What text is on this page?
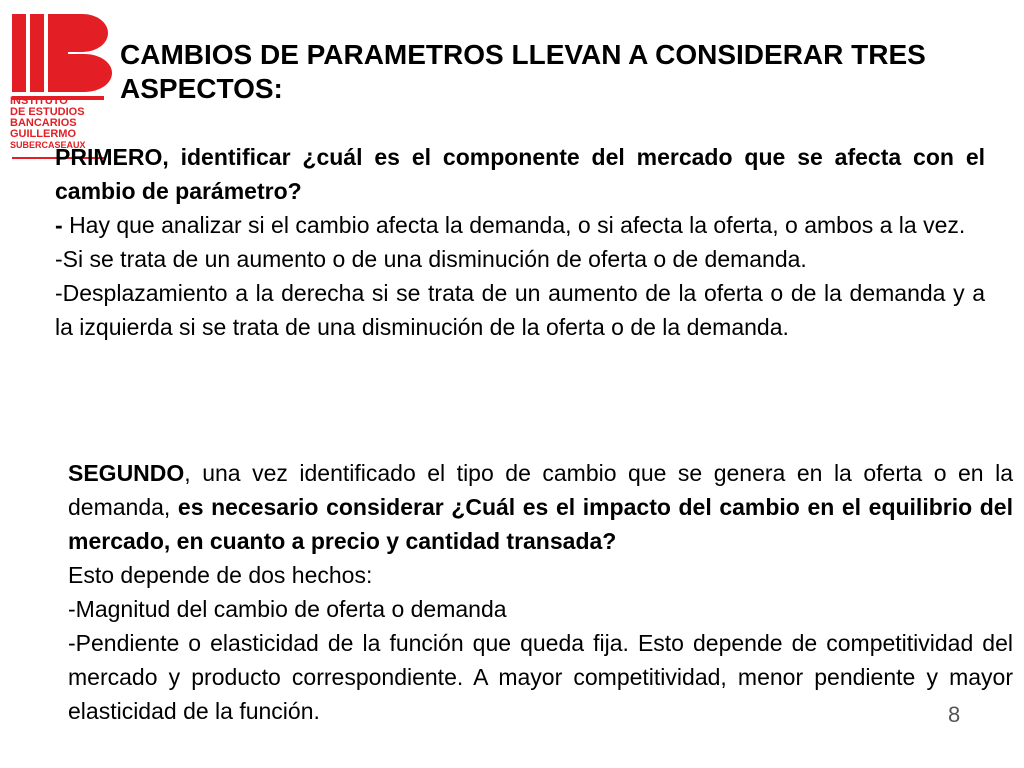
INSTITUTO
DE ESTUDIOS
BANCARIOS
GUILLERMO
SUBERCASEAUX
CAMBIOS DE PARAMETROS LLEVAN A CONSIDERAR TRES ASPECTOS:

PRIMERO, identificar ¿cuál es el componente del mercado que se afecta con el cambio de parámetro?

- Hay que analizar si el cambio afecta la demanda, o si afecta la oferta, o ambos a la vez.

-Si se trata de un aumento o de una disminución de oferta o de demanda.

-Desplazamiento a la derecha si se trata de un aumento de la oferta o de la demanda y a la izquierda si se trata de una disminución de la oferta o de la demanda.

SEGUNDO, una vez identificado el tipo de cambio que se genera en la oferta o en la demanda, es necesario considerar ¿Cuál es el impacto del cambio en el equilibrio del mercado, en cuanto a precio y cantidad transada?

Esto depende de dos hechos:

-Magnitud del cambio de oferta o demanda

-Pendiente o elasticidad de la función que queda fija. Esto depende de competitividad del mercado y producto correspondiente. A mayor competitividad, menor pendiente y mayor elasticidad de la función.	8
